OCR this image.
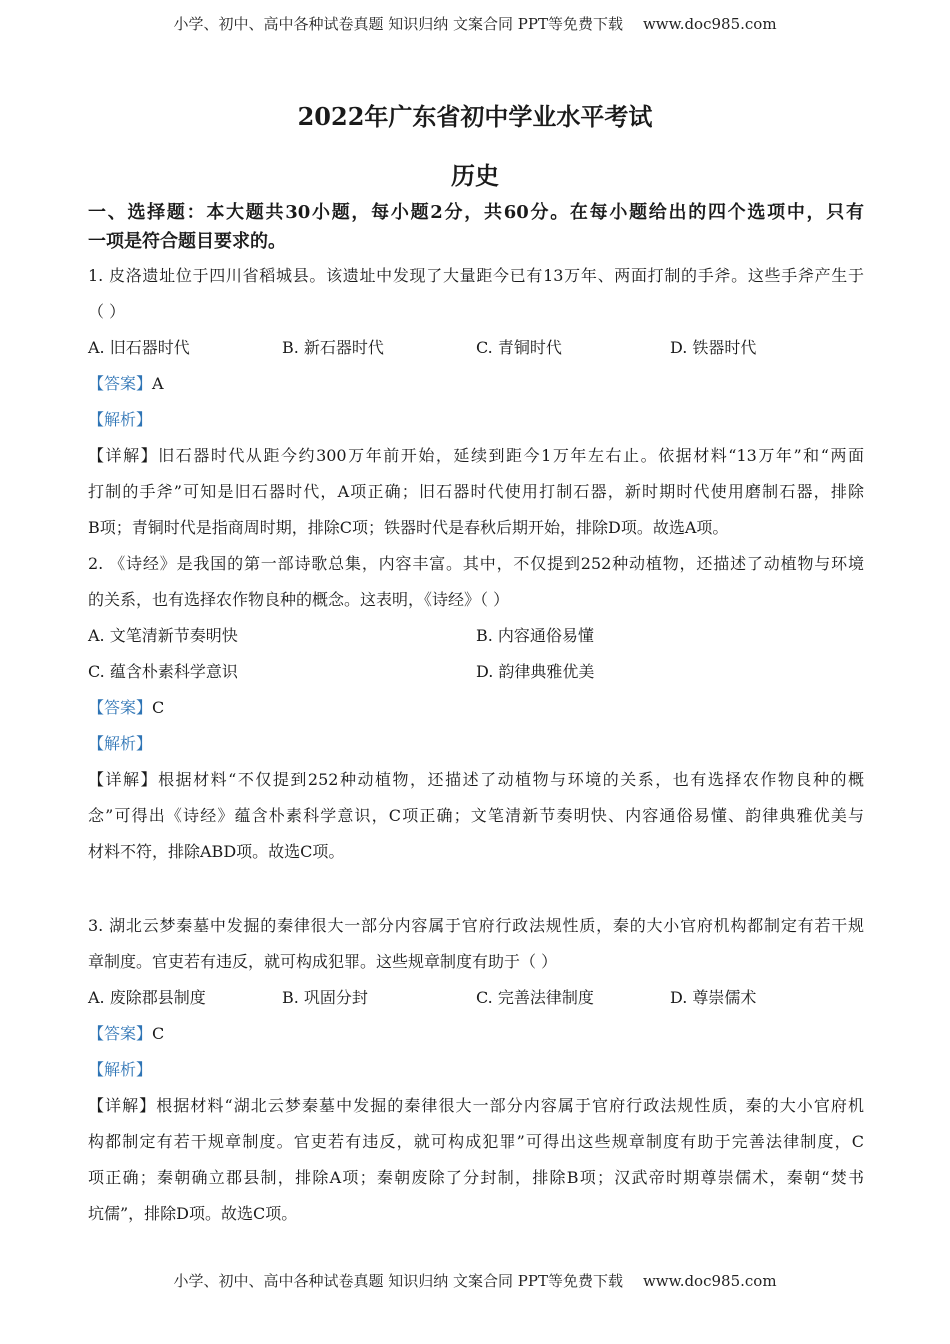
小学、初中、高中各种试卷真题 知识归纳 文案合同 PPT等免费下载 www.doc985.com
2022年广东省初中学业水平考试
历史
一、选择题：本大题共30小题，每小题2分，共60分。在每小题给出的四个选项中，只有
一项是符合题目要求的。
1. 皮洛遗址位于四川省稻城县。该遗址中发现了大量距今已有13万年、两面打制的手斧。这些手斧产生于
（ ）
A. 旧石器时代	B. 新石器时代	C. 青铜时代	D. 铁器时代
【答案】A
【解析】
【详解】旧石器时代从距今约300万年前开始，延续到距今1万年左右止。依据材料“13万年”和“两面
打制的手斧”可知是旧石器时代，A项正确；旧石器时代使用打制石器，新时期时代使用磨制石器，排除
B项；青铜时代是指商周时期，排除C项；铁器时代是春秋后期开始，排除D项。故选A项。
2. 《诗经》是我国的第一部诗歌总集，内容丰富。其中，不仅提到252种动植物，还描述了动植物与环境
的关系，也有选择农作物良种的概念。这表明，《诗经》（ ）
A. 文笔清新节奏明快	B. 内容通俗易懂
C. 蕴含朴素科学意识	D. 韵律典雅优美
【答案】C
【解析】
【详解】根据材料“不仅提到252种动植物，还描述了动植物与环境的关系，也有选择农作物良种的概
念”可得出《诗经》蕴含朴素科学意识，C项正确；文笔清新节奏明快、内容通俗易懂、韵律典雅优美与
材料不符，排除ABD项。故选C项。
3. 湖北云梦秦墓中发掘的秦律很大一部分内容属于官府行政法规性质，秦的大小官府机构都制定有若干规
章制度。官吏若有违反，就可构成犯罪。这些规章制度有助于（ ）
A. 废除郡县制度	B. 巩固分封	C. 完善法律制度	D. 尊崇儒术
【答案】C
【解析】
【详解】根据材料“湖北云梦秦墓中发掘的秦律很大一部分内容属于官府行政法规性质，秦的大小官府机
构都制定有若干规章制度。官吏若有违反，就可构成犯罪”可得出这些规章制度有助于完善法律制度，C
项正确；秦朝确立郡县制，排除A项；秦朝废除了分封制，排除B项；汉武帝时期尊崇儒术，秦朝“焚书
坑儒”，排除D项。故选C项。
小学、初中、高中各种试卷真题 知识归纳 文案合同 PPT等免费下载 www.doc985.com
